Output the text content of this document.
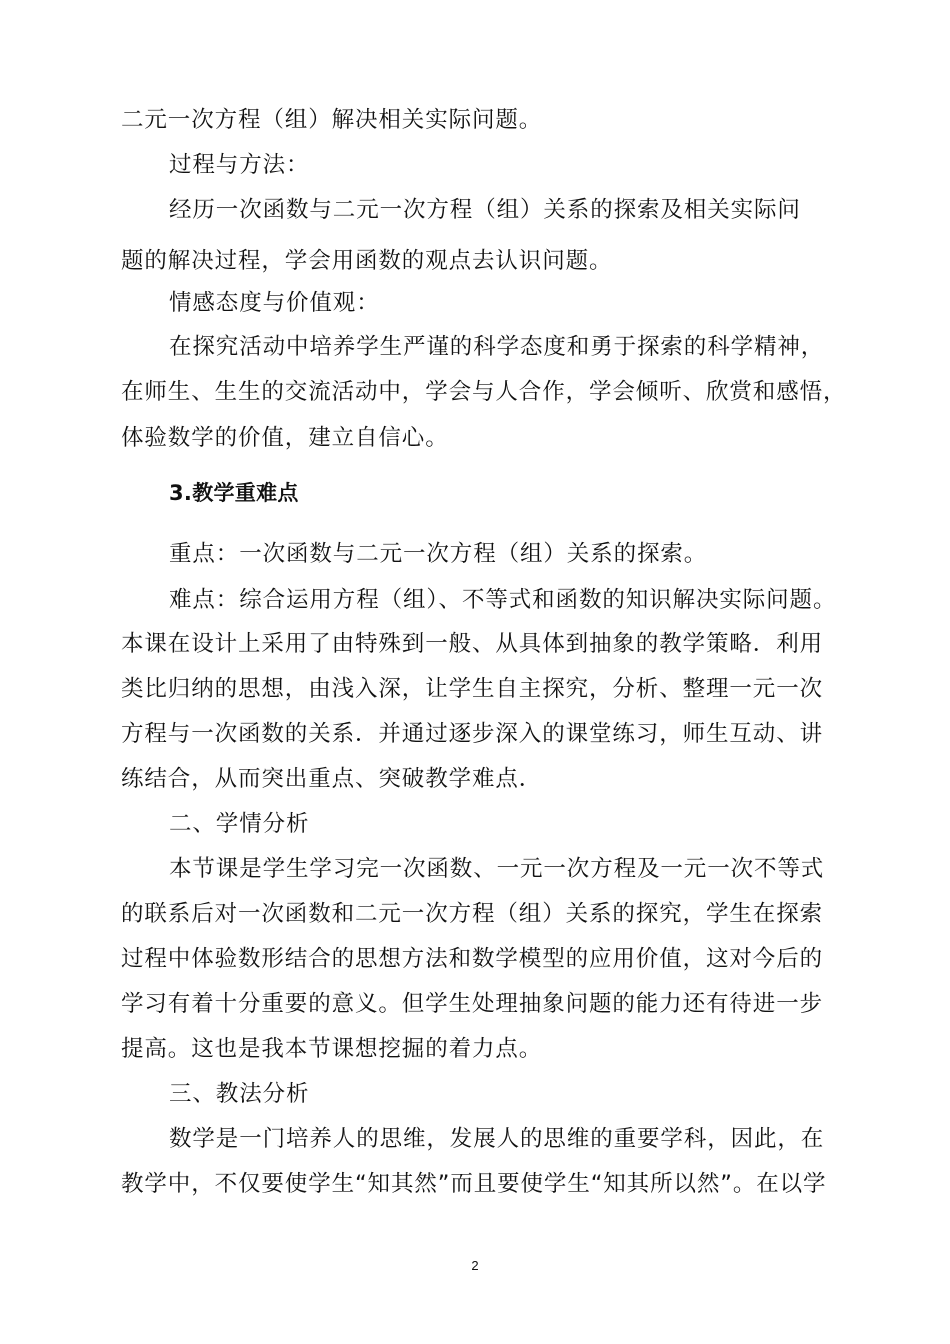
二元一次方程（组）解决相关实际问题。
过程与方法：
经历一次函数与二元一次方程（组）关系的探索及相关实际问
题的解决过程，学会用函数的观点去认识问题。
情感态度与价值观：
在探究活动中培养学生严谨的科学态度和勇于探索的科学精神，
在师生、生生的交流活动中，学会与人合作，学会倾听、欣赏和感悟，
体验数学的价值，建立自信心。
3.教学重难点
重点：一次函数与二元一次方程（组）关系的探索。
难点：综合运用方程（组）、不等式和函数的知识解决实际问题。
本课在设计上采用了由特殊到一般、从具体到抽象的教学策略．利用
类比归纳的思想，由浅入深，让学生自主探究，分析、整理一元一次
方程与一次函数的关系．并通过逐步深入的课堂练习，师生互动、讲
练结合，从而突出重点、突破教学难点．
二、学情分析
本节课是学生学习完一次函数、一元一次方程及一元一次不等式
的联系后对一次函数和二元一次方程（组）关系的探究，学生在探索
过程中体验数形结合的思想方法和数学模型的应用价值，这对今后的
学习有着十分重要的意义。但学生处理抽象问题的能力还有待进一步
提高。这也是我本节课想挖掘的着力点。
三、教法分析
数学是一门培养人的思维，发展人的思维的重要学科，因此，在
教学中，不仅要使学生“知其然”而且要使学生“知其所以然”。在以学
2
